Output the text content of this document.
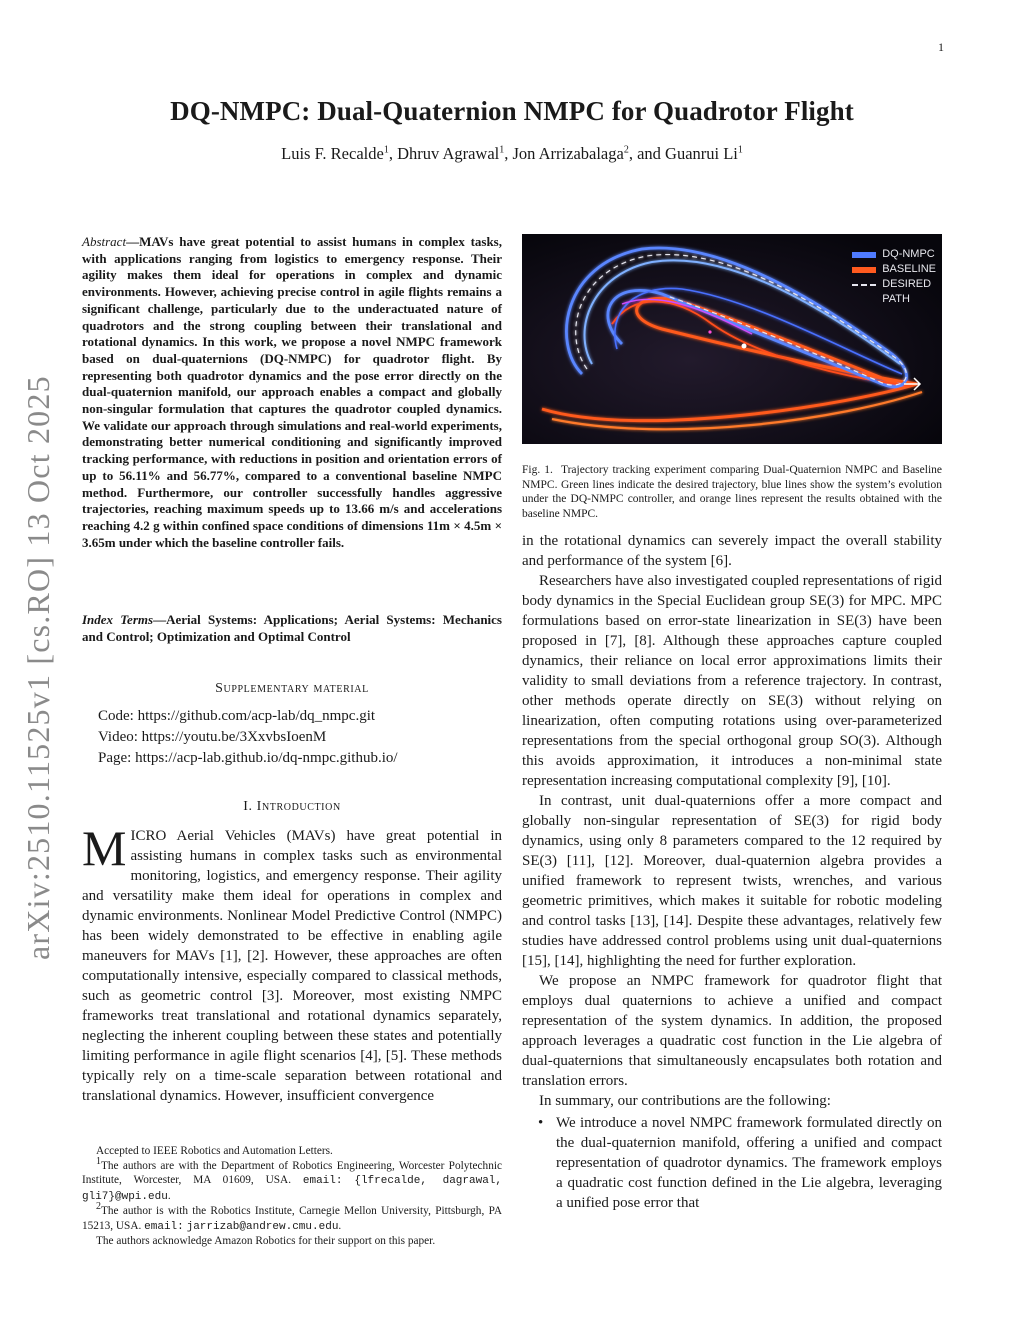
1
DQ-NMPC: Dual-Quaternion NMPC for Quadrotor Flight
Luis F. Recalde$^1$, Dhruv Agrawal$^1$, Jon Arrizabalaga$^2$, and Guanrui Li$^1$
arXiv:2510.11525v1 [cs.RO] 13 Oct 2025
Abstract—MAVs have great potential to assist humans in complex tasks, with applications ranging from logistics to emergency response. Their agility makes them ideal for operations in complex and dynamic environments. However, achieving precise control in agile flights remains a significant challenge, particularly due to the underactuated nature of quadrotors and the strong coupling between their translational and rotational dynamics. In this work, we propose a novel NMPC framework based on dual-quaternions (DQ-NMPC) for quadrotor flight. By representing both quadrotor dynamics and the pose error directly on the dual-quaternion manifold, our approach enables a compact and globally non-singular formulation that captures the quadrotor coupled dynamics. We validate our approach through simulations and real-world experiments, demonstrating better numerical conditioning and significantly improved tracking performance, with reductions in position and orientation errors of up to 56.11% and 56.77%, compared to a conventional baseline NMPC method. Furthermore, our controller successfully handles aggressive trajectories, reaching maximum speeds up to 13.66 m/s and accelerations reaching 4.2 g within confined space conditions of dimensions 11m × 4.5m × 3.65m under which the baseline controller fails.
Index Terms—Aerial Systems: Applications; Aerial Systems: Mechanics and Control; Optimization and Optimal Control
Supplementary material
Code: https://github.com/acp-lab/dq_nmpc.git
Video: https://youtu.be/3XxvbsIoenM
Page: https://acp-lab.github.io/dq-nmpc.github.io/
I. Introduction
MICRO Aerial Vehicles (MAVs) have great potential in assisting humans in complex tasks such as environmental monitoring, logistics, and emergency response. Their agility and versatility make them ideal for operations in complex and dynamic environments. Nonlinear Model Predictive Control (NMPC) has been widely demonstrated to be effective in enabling agile maneuvers for MAVs [1], [2]. However, these approaches are often computationally intensive, especially compared to classical methods, such as geometric control [3]. Moreover, most existing NMPC frameworks treat translational and rotational dynamics separately, neglecting the inherent coupling between these states and potentially limiting performance in agile flight scenarios [4], [5]. These methods typically rely on a time-scale separation between rotational and translational dynamics. However, insufficient convergence

Accepted to IEEE Robotics and Automation Letters.

$^1$The authors are with the Department of Robotics Engineering, Worcester Polytechnic Institute, Worcester, MA 01609, USA. email: {lfrecalde, dagrawal, gli7}@wpi.edu.

$^2$The author is with the Robotics Institute, Carnegie Mellon University, Pittsburgh, PA 15213, USA. email: jarrizab@andrew.cmu.edu.

The authors acknowledge Amazon Robotics for their support on this paper.

DQ-NMPC
BASELINE
DESIRED
PATH
Fig. 1. Trajectory tracking experiment comparing Dual-Quaternion NMPC and Baseline NMPC. Green lines indicate the desired trajectory, blue lines show the system’s evolution under the DQ-NMPC controller, and orange lines represent the results obtained with the baseline NMPC.

in the rotational dynamics can severely impact the overall stability and performance of the system [6].

Researchers have also investigated coupled representations of rigid body dynamics in the Special Euclidean group SE(3) for MPC. MPC formulations based on error-state linearization in SE(3) have been proposed in [7], [8]. Although these approaches capture coupled dynamics, their reliance on local error approximations limits their validity to small deviations from a reference trajectory. In contrast, other methods operate directly on SE(3) without relying on linearization, often computing rotations using over-parameterized representations from the special orthogonal group SO(3). Although this avoids approximation, it introduces a non-minimal state representation increasing computational complexity [9], [10].

In contrast, unit dual-quaternions offer a more compact and globally non-singular representation of SE(3) for rigid body dynamics, using only 8 parameters compared to the 12 required by SE(3) [11], [12]. Moreover, dual-quaternion algebra provides a unified framework to represent twists, wrenches, and various geometric primitives, which makes it suitable for robotic modeling and control tasks [13], [14]. Despite these advantages, relatively few studies have addressed control problems using unit dual-quaternions [15], [14], highlighting the need for further exploration.

We propose an NMPC framework for quadrotor flight that employs dual quaternions to achieve a unified and compact representation of the system dynamics. In addition, the proposed approach leverages a quadratic cost function in the Lie algebra of dual-quaternions that simultaneously encapsulates both rotation and translation errors.

In summary, our contributions are the following:

• We introduce a novel NMPC framework formulated directly on the dual-quaternion manifold, offering a unified and compact representation of quadrotor dynamics. The framework employs a quadratic cost function defined in the Lie algebra, leveraging a unified pose error that
